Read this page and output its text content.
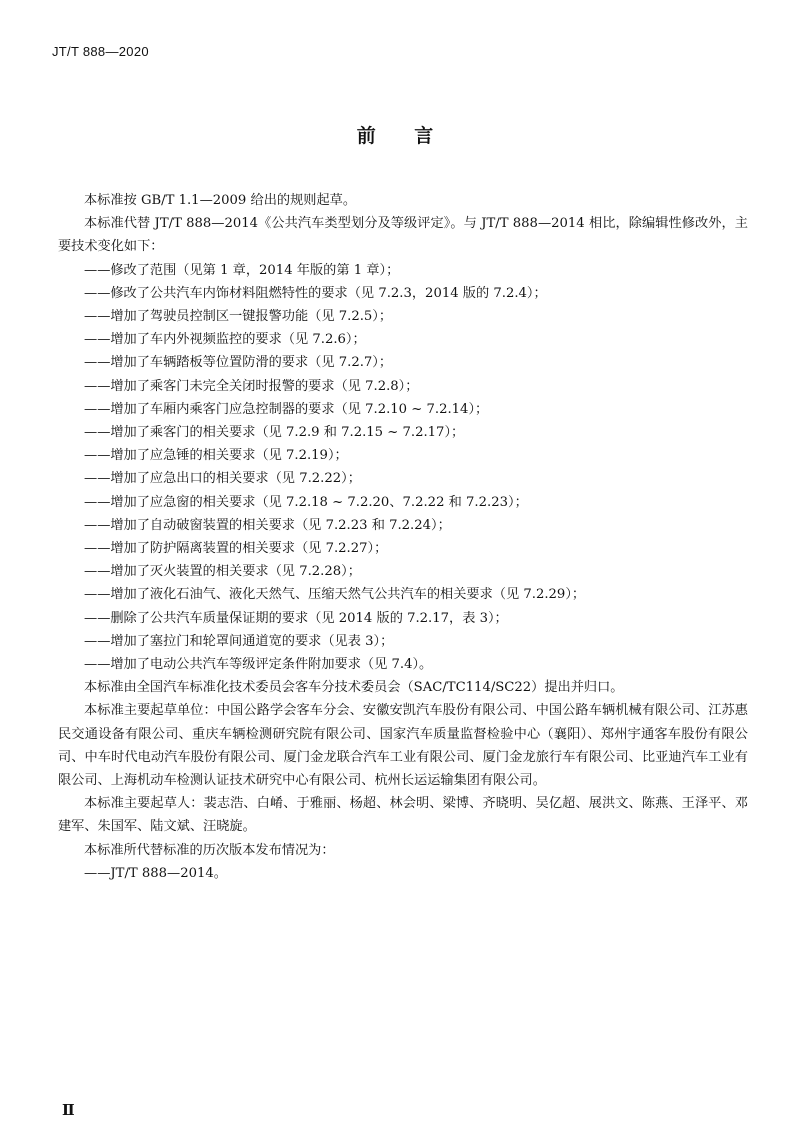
JT/T 888—2020
前 言

本标准按 GB/T 1.1—2009 给出的规则起草。

本标准代替 JT/T 888—2014《公共汽车类型划分及等级评定》。与 JT/T 888—2014 相比，除编辑性修改外，主要技术变化如下：

——修改了范围（见第 1 章，2014 年版的第 1 章）；
——修改了公共汽车内饰材料阻燃特性的要求（见 7.2.3，2014 版的 7.2.4）；
——增加了驾驶员控制区一键报警功能（见 7.2.5）；
——增加了车内外视频监控的要求（见 7.2.6）；
——增加了车辆踏板等位置防滑的要求（见 7.2.7）；
——增加了乘客门未完全关闭时报警的要求（见 7.2.8）；
——增加了车厢内乘客门应急控制器的要求（见 7.2.10 ~ 7.2.14）；
——增加了乘客门的相关要求（见 7.2.9 和 7.2.15 ~ 7.2.17）；
——增加了应急锤的相关要求（见 7.2.19）；
——增加了应急出口的相关要求（见 7.2.22）；
——增加了应急窗的相关要求（见 7.2.18 ~ 7.2.20、7.2.22 和 7.2.23）；
——增加了自动破窗装置的相关要求（见 7.2.23 和 7.2.24）；
——增加了防护隔离装置的相关要求（见 7.2.27）；
——增加了灭火装置的相关要求（见 7.2.28）；
——增加了液化石油气、液化天然气、压缩天然气公共汽车的相关要求（见 7.2.29）；
——删除了公共汽车质量保证期的要求（见 2014 版的 7.2.17，表 3）；
——增加了塞拉门和轮罩间通道宽的要求（见表 3）；
——增加了电动公共汽车等级评定条件附加要求（见 7.4）。

本标准由全国汽车标准化技术委员会客车分技术委员会（SAC/TC114/SC22）提出并归口。

本标准主要起草单位：中国公路学会客车分会、安徽安凯汽车股份有限公司、中国公路车辆机械有限公司、江苏惠民交通设备有限公司、重庆车辆检测研究院有限公司、国家汽车质量监督检验中心（襄阳）、郑州宇通客车股份有限公司、中车时代电动汽车股份有限公司、厦门金龙联合汽车工业有限公司、厦门金龙旅行车有限公司、比亚迪汽车工业有限公司、上海机动车检测认证技术研究中心有限公司、杭州长运运输集团有限公司。

本标准主要起草人：裴志浩、白崤、于雅丽、杨超、林会明、梁博、齐晓明、吴亿超、展洪文、陈燕、王泽平、邓建军、朱国军、陆文斌、汪晓旋。

本标准所代替标准的历次版本发布情况为：

——JT/T 888—2014。
Ⅱ
